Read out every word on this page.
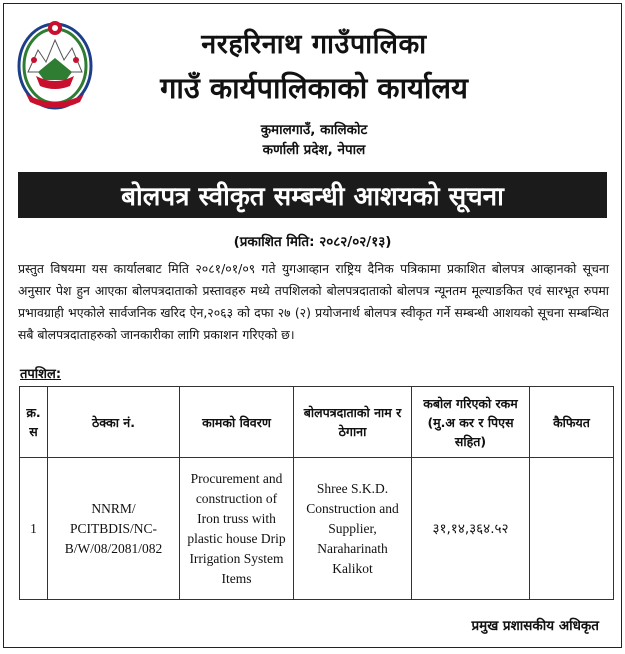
नरहरिनाथ गाउँपालिका
गाउँ कार्यपालिकाको कार्यालय
कुमालगाउँ, कालिकोट
कर्णाली प्रदेश, नेपाल
बोलपत्र स्वीकृत सम्बन्धी आशयको सूचना
(प्रकाशित मिति: २०८२/०२/१३)
प्रस्तुत विषयमा यस कार्यालबाट मिति २०८१/०१/०९ गते युगआव्हान राष्ट्रिय दैनिक पत्रिकामा प्रकाशित बोलपत्र आव्हानको सूचना अनुसार पेश हुन आएका बोलपत्रदाताको प्रस्तावहरु मध्ये तपशिलको बोलपत्रदाताको बोलपत्र न्यूनतम मूल्याङकित एवं सारभूत रुपमा प्रभावग्राही भएकोले सार्वजनिक खरिद ऐन,२०६३ को दफा २७ (२) प्रयोजनार्थ बोलपत्र स्वीकृत गर्ने सम्बन्धी आशयको सूचना सम्बन्धित सबै बोलपत्रदाताहरुको जानकारीका लागि प्रकाशन गरिएको छ।
तपशिल:
क्र. स	ठेक्का नं.	कामको विवरण	बोलपत्रदाताको नाम र ठेगाना	कबोल गरिएको रकम (मु.अ कर र पिएस सहित)	कैफियत
1	NNRM/ PCITBDIS/NC-B/W/08/2081/082	Procurement and construction of Iron truss with plastic house Drip Irrigation System Items	Shree S.K.D. Construction and Supplier, Naraharinath Kalikot	३१,१४,३६४.५२	
प्रमुख प्रशासकीय अधिकृत
